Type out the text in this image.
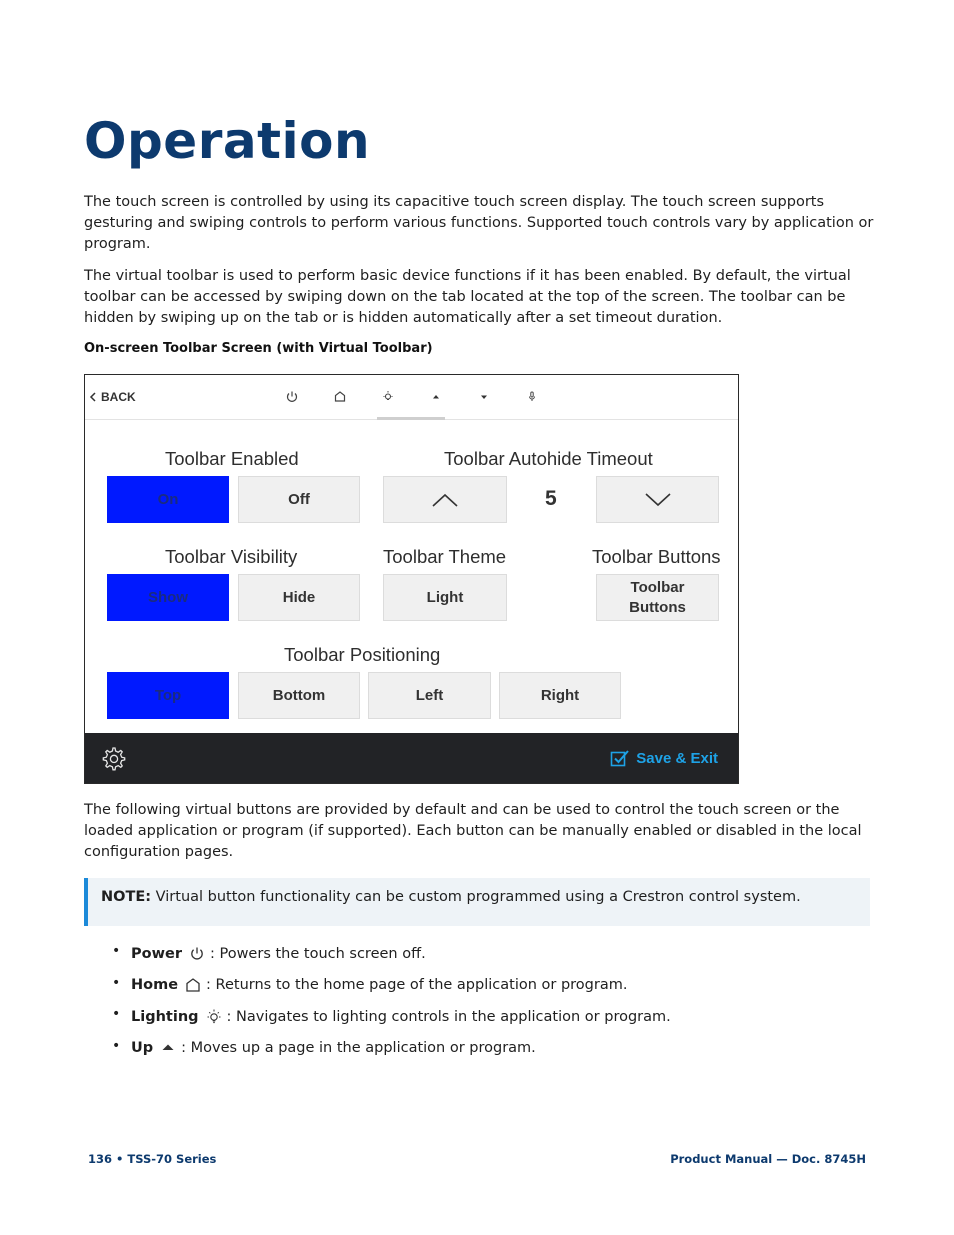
Operation

The touch screen is controlled by using its capacitive touch screen display. The touch screen supports gesturing and swiping controls to perform various functions. Supported touch controls vary by application or program.

The virtual toolbar is used to perform basic device functions if it has been enabled. By default, the virtual toolbar can be accessed by swiping down on the tab located at the top of the screen. The toolbar can be hidden by swiping up on the tab or is hidden automatically after a set timeout duration.

On-screen Toolbar Screen (with Virtual Toolbar)
BACK
Toolbar Enabled
On	Off
Toolbar Autohide Timeout
5
Toolbar Visibility
Show	Hide
Toolbar Theme
Light
Toolbar Buttons
Toolbar
Buttons
Toolbar Positioning
Top	Bottom	Left	Right
Save & Exit

The following virtual buttons are provided by default and can be used to control the touch screen or the loaded application or program (if supported). Each button can be manually enabled or disabled in the local configuration pages.

NOTE: Virtual button functionality can be custom programmed using a Crestron control system.
• Power : Powers the touch screen off.
• Home : Returns to the home page of the application or program.
• Lighting : Navigates to lighting controls in the application or program.
• Up : Moves up a page in the application or program.
136 • TSS-70 Series	Product Manual — Doc. 8745H
